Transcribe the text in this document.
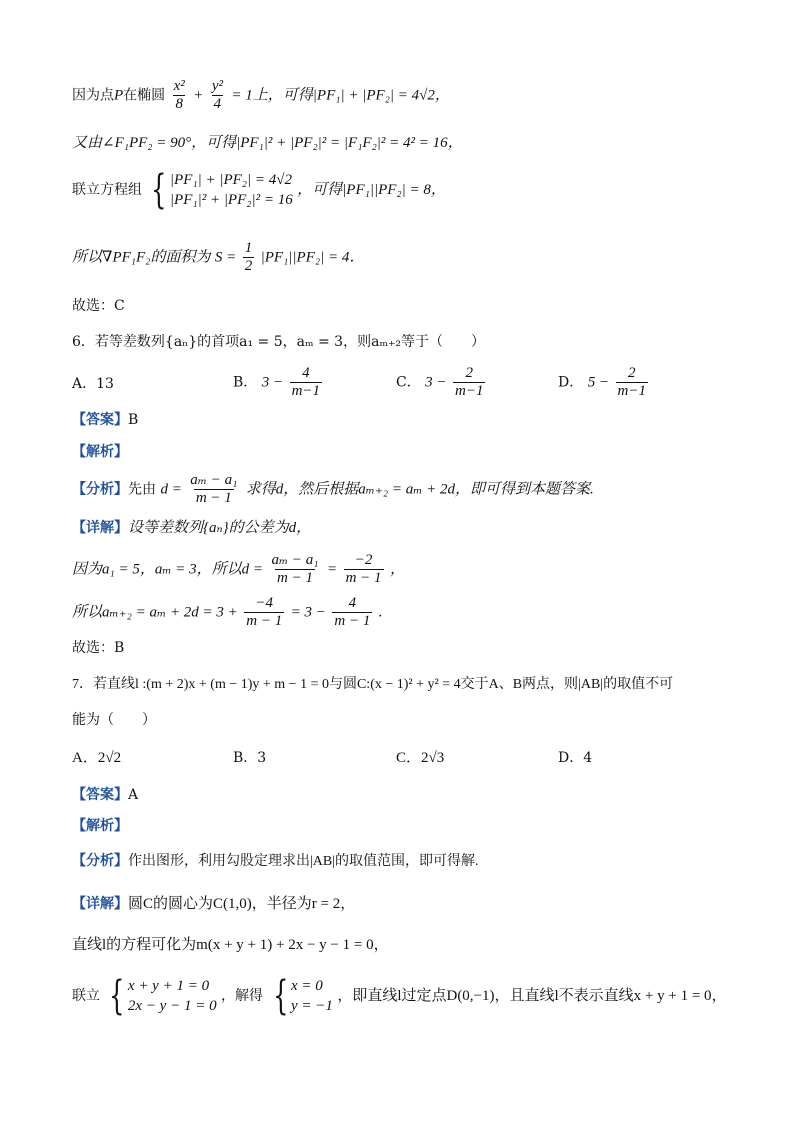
因为点P在椭圆 $\frac{\text{x²}}{8} + \frac{\text{y²}}{4} = 1$上，可得|PF₁| + |PF₂| = 4√2，
又由∠F₁PF₂ = 90°，可得|PF₁|² + |PF₂|² = |F₁F₂|² = 4² = 16，
联立方程组 { |PF₁| + |PF₂| = 4√2
|PF₁|² + |PF₂|² = 16
，可得|PF₁||PF₂| = 8，
所以∇PF₁F₂的面积为 $S = \frac{1}{2} |PF_1||PF_2| = 4$．
故选：C
6．若等差数列{aₙ}的首项a₁ = 5，aₘ = 3，则aₘ₊₂等于（　　）
A．13	B． $3 - \frac{4}{m-1}$	C． $3 - \frac{2}{m-1}$	D． $5 - \frac{2}{m-1}$
【答案】B
【解析】
【分析】先由 $d = \frac{\text{aₘ − a₁}}{m - 1}$ 求得d，然后根据aₘ₊₂ = aₘ + 2d，即可得到本题答案.
【详解】设等差数列{aₙ}的公差为d，
因为a₁ = 5，aₘ = 3，所以$d = \frac{\text{aₘ − a₁}}{m - 1} = \frac{-2}{m - 1}$ ，
所以$a_{m+2} = a_m + 2d = 3 + \frac{-4}{m - 1} = 3 - \frac{4}{m - 1}$ .
故选：B
7．若直线l :(m + 2)x + (m − 1)y + m − 1 = 0与圆C:(x − 1)² + y² = 4交于A、B两点，则|AB|的取值不可
能为（　　）
A．2√2	B．3	C．2√3	D．4
【答案】A
【解析】
【分析】作出图形，利用勾股定理求出|AB|的取值范围，即可得解.
【详解】圆C的圆心为C(1,0)，半径为r = 2，
直线l的方程可化为m(x + y + 1) + 2x − y − 1 = 0，
联立 { x + y + 1 = 0
2x − y − 1 = 0
，解得 { x = 0
y = −1
，即直线l过定点D(0,−1)，且直线l不表示直线x + y + 1 = 0，
